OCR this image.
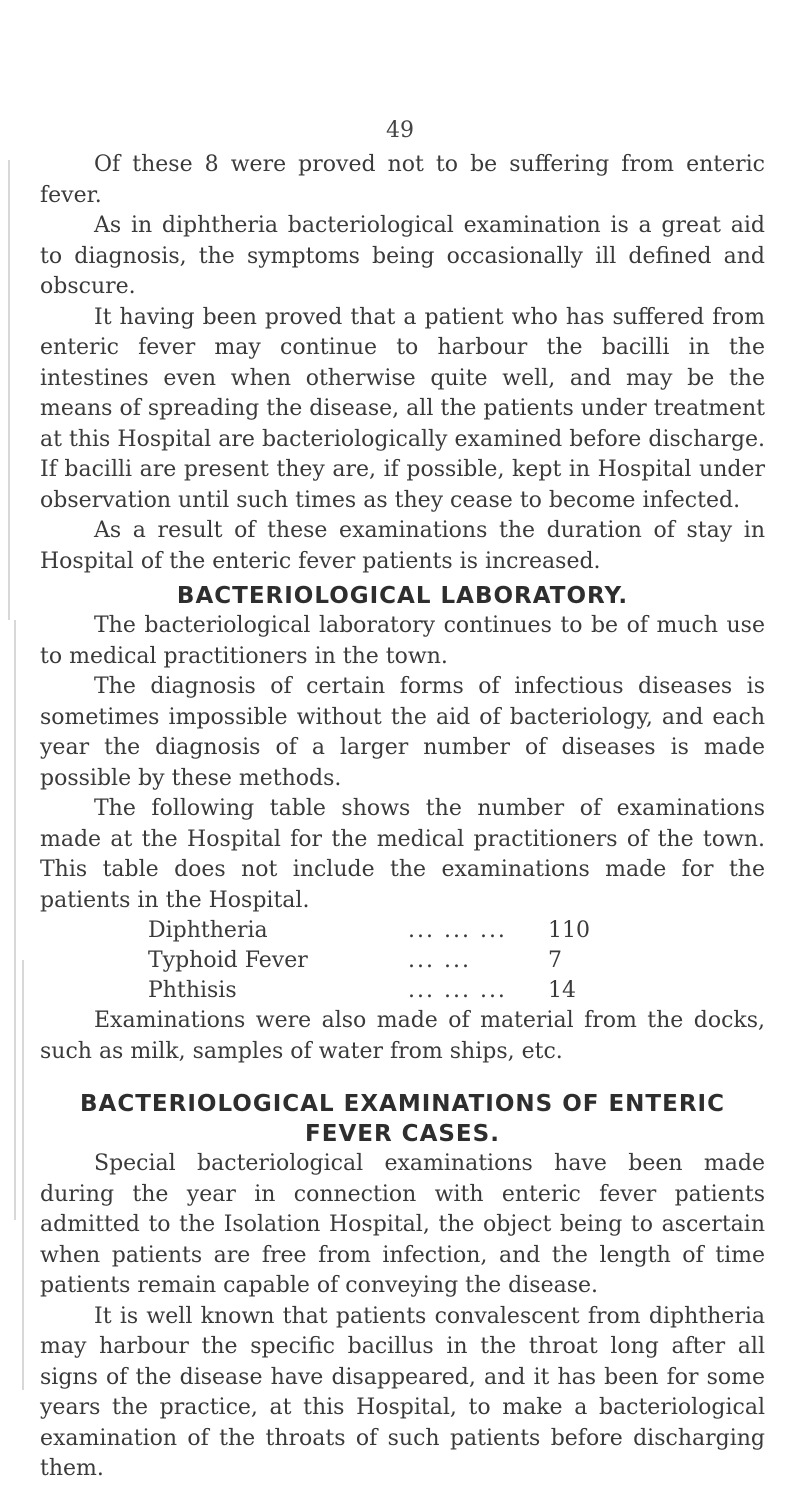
49

Of these 8 were proved not to be suffering from enteric fever.

As in diphtheria bacteriological examination is a great aid to diagnosis, the symptoms being occasionally ill defined and obscure.

It having been proved that a patient who has suffered from enteric fever may continue to harbour the bacilli in the intestines even when otherwise quite well, and may be the means of spreading the disease, all the patients under treatment at this Hospital are bacteriologically examined before discharge. If bacilli are present they are, if possible, kept in Hospital under observation until such times as they cease to become infected.

As a result of these examinations the duration of stay in Hospital of the enteric fever patients is increased.

BACTERIOLOGICAL LABORATORY.

The bacteriological laboratory continues to be of much use to medical practitioners in the town.

The diagnosis of certain forms of infectious diseases is sometimes impossible without the aid of bacteriology, and each year the diagnosis of a larger number of diseases is made possible by these methods.

The following table shows the number of examinations made at the Hospital for the medical practitioners of the town. This table does not include the examinations made for the patients in the Hospital.

Diphtheria	... ... ...	110
Typhoid Fever	... ...	7
Phthisis	... ... ...	14

Examinations were also made of material from the docks, such as milk, samples of water from ships, etc.

BACTERIOLOGICAL EXAMINATIONS OF ENTERIC
FEVER CASES.

Special bacteriological examinations have been made during the year in connection with enteric fever patients admitted to the Isolation Hospital, the object being to ascertain when patients are free from infection, and the length of time patients remain capable of conveying the disease.

It is well known that patients convalescent from diphtheria may harbour the specific bacillus in the throat long after all signs of the disease have disappeared, and it has been for some years the practice, at this Hospital, to make a bacteriological examination of the throats of such patients before discharging them.
